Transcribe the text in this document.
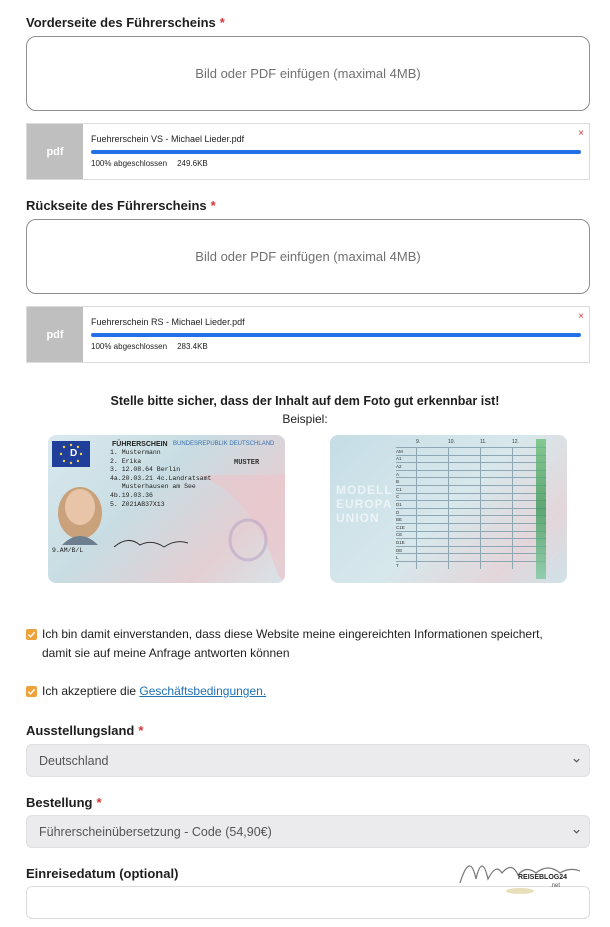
Vorderseite des Führerscheins *
Bild oder PDF einfügen (maximal 4MB)
pdf
Fuehrerschein VS - Michael Lieder.pdf	×
100% abgeschlossen 249.6KB
Rückseite des Führerscheins *
Bild oder PDF einfügen (maximal 4MB)
pdf
Fuehrerschein RS - Michael Lieder.pdf	×
100% abgeschlossen 283.4KB
Stelle bitte sicher, dass der Inhalt auf dem Foto gut erkennbar ist!
Beispiel:
D
FÜHRERSCHEIN BUNDESREPUBLIK DEUTSCHLAND
MUSTER
1. Mustermann
2. Erika
3. 12.08.64 Berlin
4a.20.03.21 4c.Landratsamt
Musterhausen am See
4b.19.03.36
5. Z021AB37X13
9.AM/B/L
MODELL
EUROPA
UNION
9.	10.	11.	12.
AM
A1
A2
A
B
C1
C
D1
D
BE
C1E
CE
D1E
DE
L
T
Ich bin damit einverstanden, dass diese Website meine eingereichten Informationen speichert, damit sie auf meine Anfrage antworten können
Ich akzeptiere die Geschäftsbedingungen.
Ausstellungsland *
Deutschland
Bestellung *
Führerscheinübersetzung - Code (54,90€)
Einreisedatum (optional)	REISEBLOG24
.net
